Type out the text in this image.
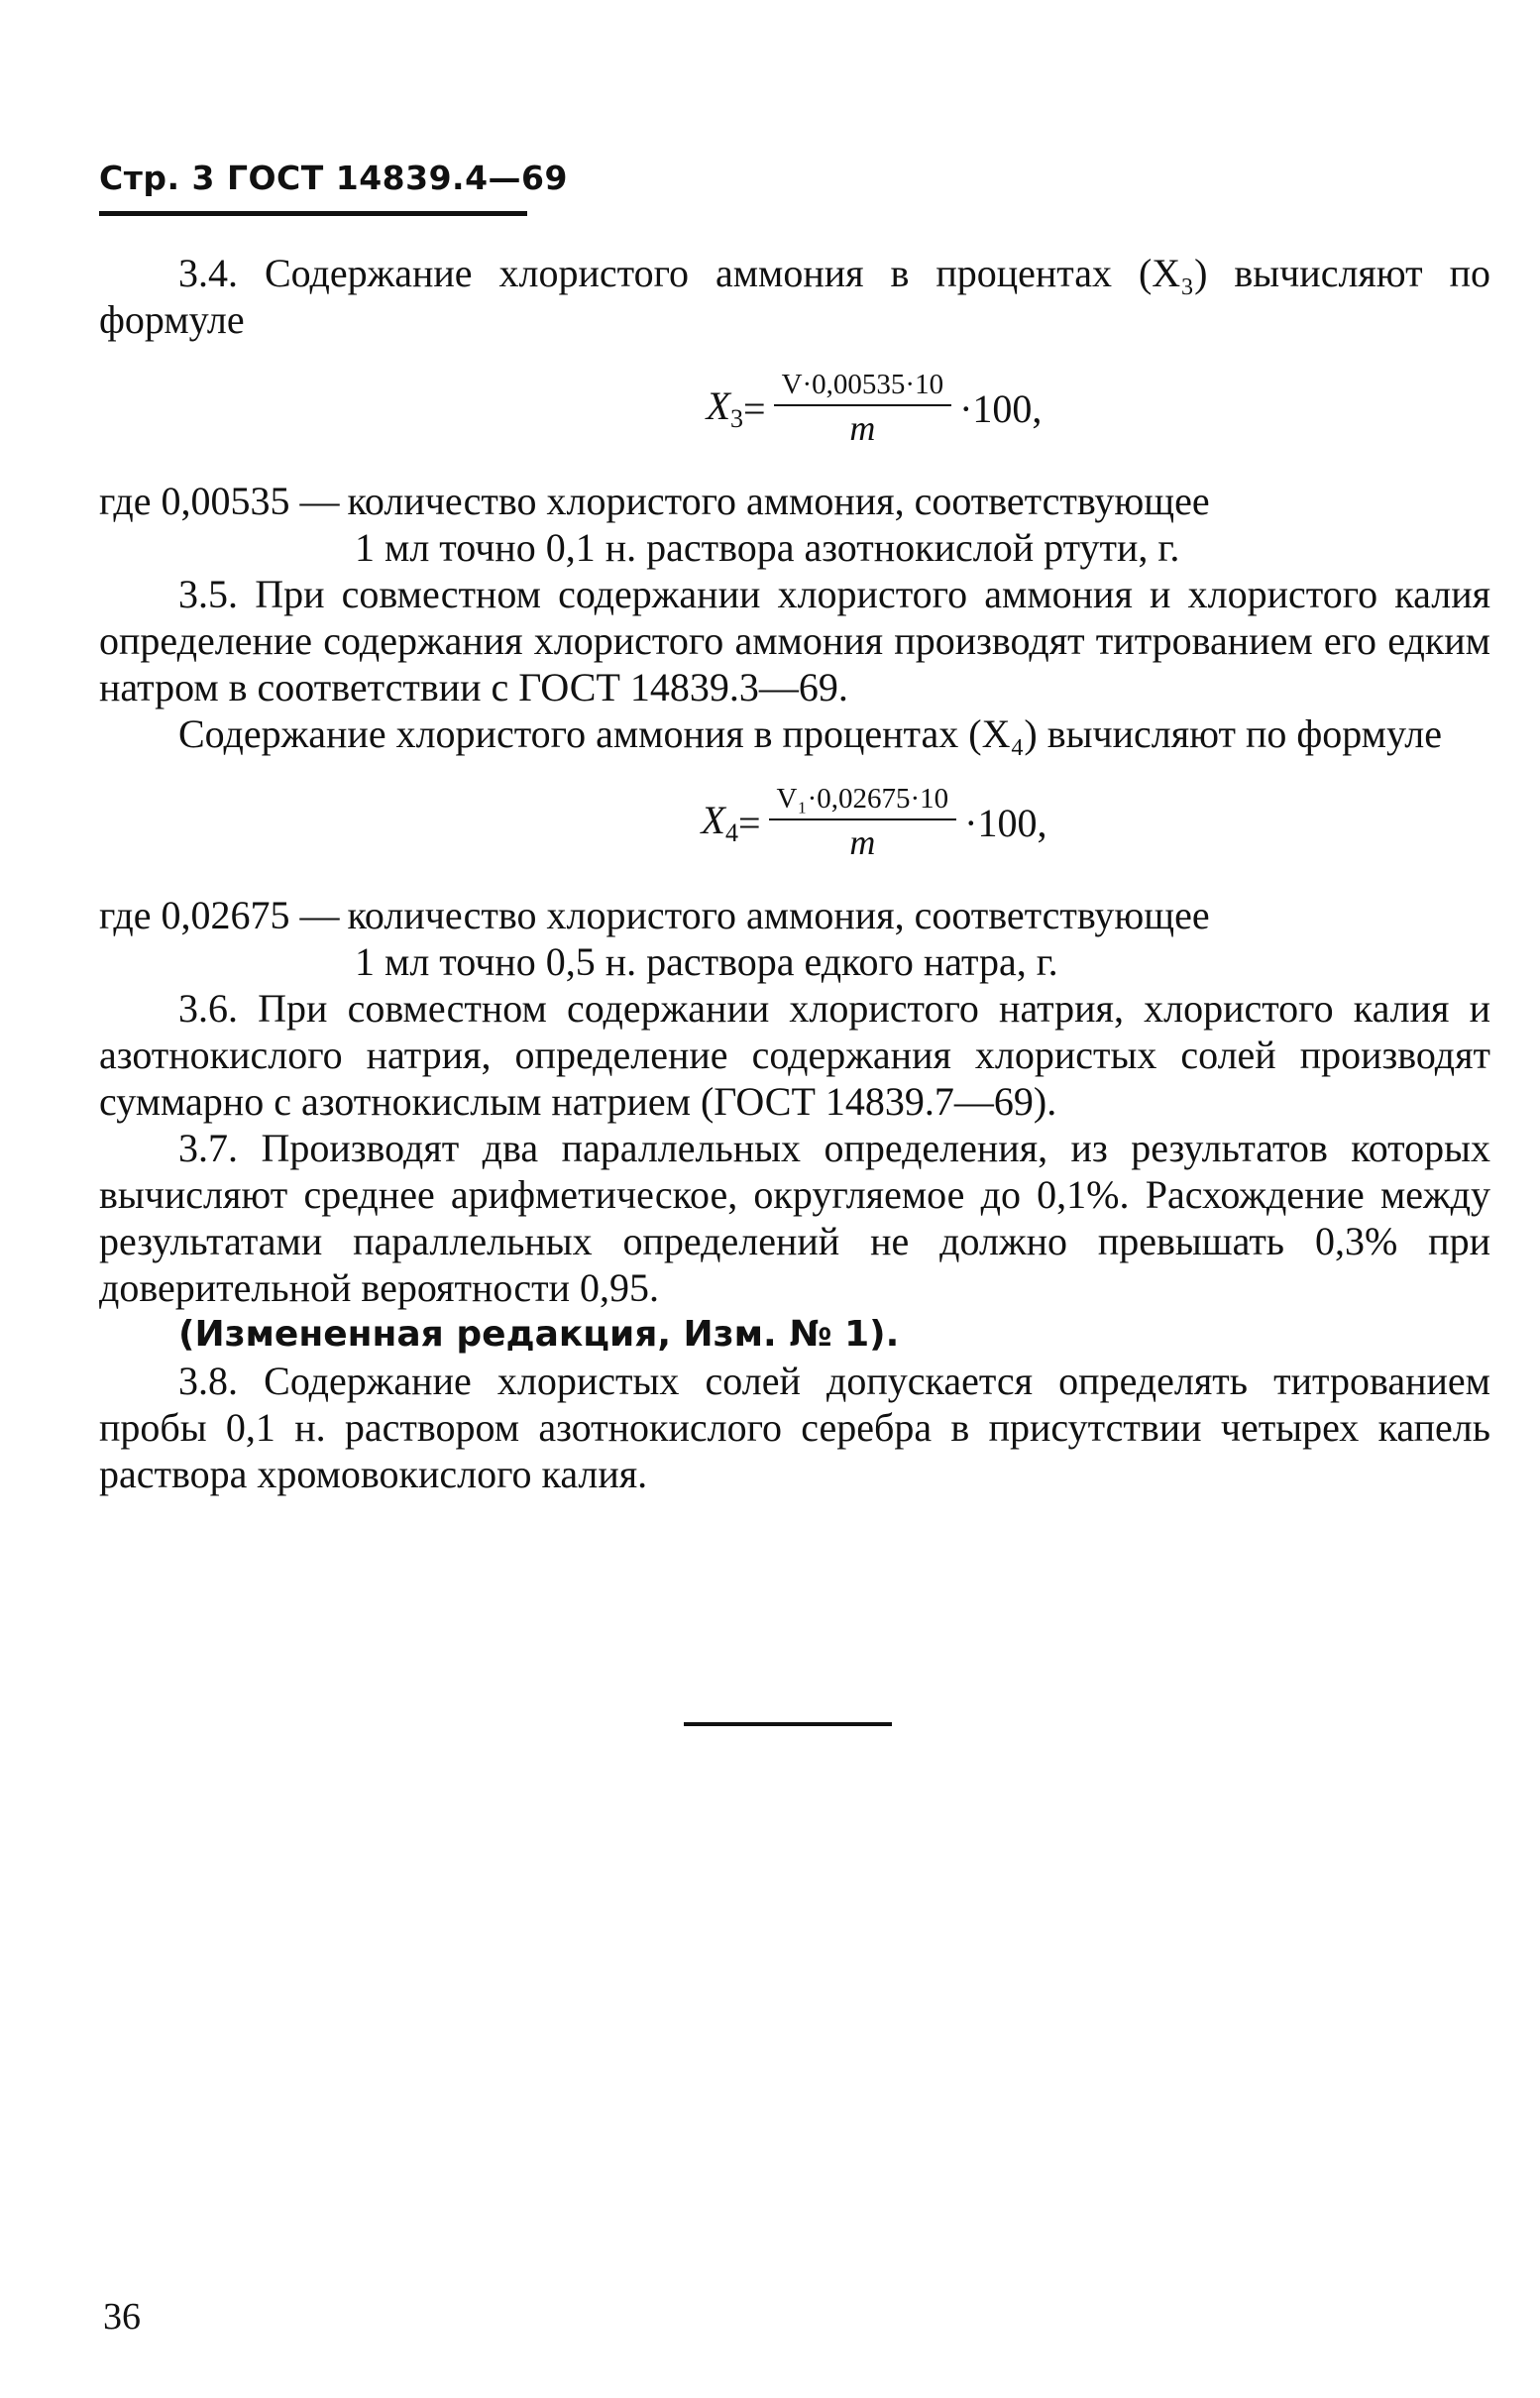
Стр. 3 ГОСТ 14839.4—69

3.4. Содержание хлористого аммония в процентах (X₃) вычисляют по формуле

$X_3 = \frac{V\cdot 0,00535\cdot 10}{m} \cdot 100$,
где 0,00535 — количество хлористого аммония, соответствующее
1 мл точно 0,1 н. раствора азотнокислой ртути, г.

3.5. При совместном содержании хлористого аммония и хлористого калия определение содержания хлористого аммония производят титрованием его едким натром в соответствии с ГОСТ 14839.3—69.

Содержание хлористого аммония в процентах (X₄) вычисляют по формуле

$X_4 = \frac{\text{V₁·0,02675·10}}{m} \cdot 100$,
где 0,02675 — количество хлористого аммония, соответствующее
1 мл точно 0,5 н. раствора едкого натра, г.

3.6. При совместном содержании хлористого натрия, хлористого калия и азотнокислого натрия, определение содержания хлористых солей производят суммарно с азотнокислым натрием (ГОСТ 14839.7—69).

3.7. Производят два параллельных определения, из результатов которых вычисляют среднее арифметическое, округляемое до 0,1%. Расхождение между результатами параллельных определений не должно превышать 0,3% при доверительной вероятности 0,95.

(Измененная редакция, Изм. № 1).

3.8. Содержание хлористых солей допускается определять титрованием пробы 0,1 н. раствором азотнокислого серебра в присутствии четырех капель раствора хромовокислого калия.

36
